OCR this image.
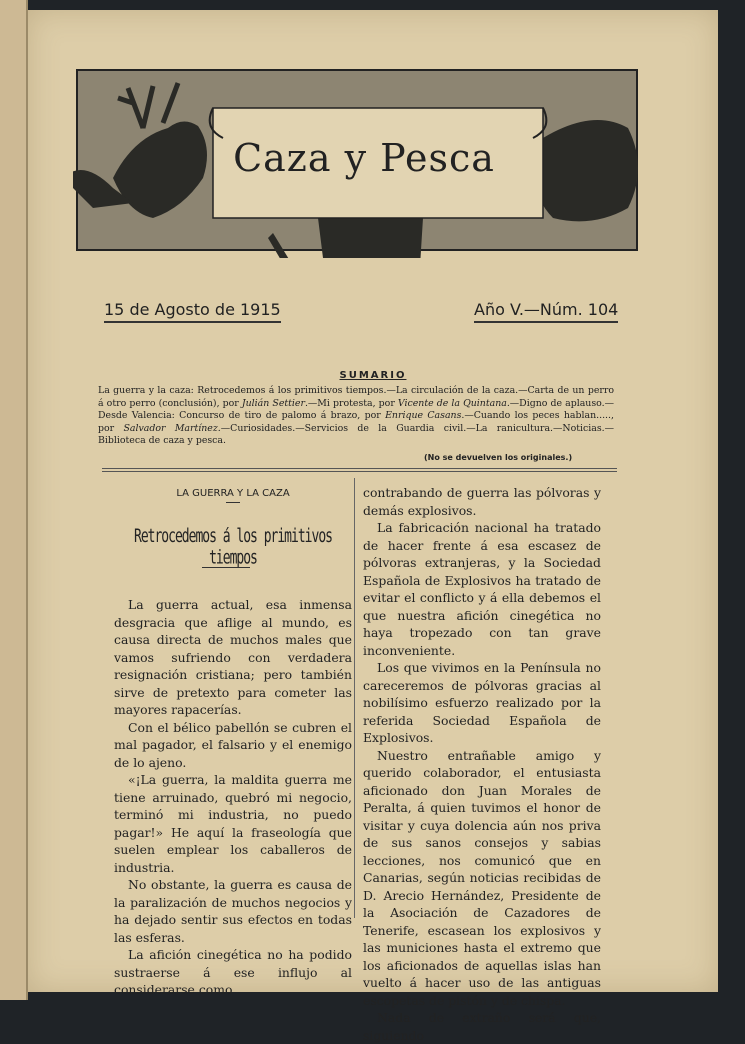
Caza y Pesca
15 de Agosto de 1915	Año V.—Núm. 104
SUMARIO
La guerra y la caza: Retrocedemos á los primitivos tiempos.—La circulación de la caza.—Carta de un perro á otro perro (conclusión), por Julián Settier.—Mi protesta, por Vicente de la Quintana.—Digno de aplauso.—Desde Valencia: Concurso de tiro de palomo á brazo, por Enrique Casans.—Cuando los peces hablan....., por Salvador Martínez.—Curiosidades.—Servicios de la Guardia civil.—La ranicultura.—Noticias.—Biblioteca de caza y pesca.
(No se devuelven los originales.)
LA GUERRA Y LA CAZA
Retrocedemos á los primitivos tiempos

La guerra actual, esa inmensa desgracia que aflige al mundo, es causa directa de muchos males que vamos sufriendo con verdadera resignación cristiana; pero también sirve de pretexto para cometer las mayores rapacerías.

Con el bélico pabellón se cubren el mal pagador, el falsario y el enemigo de lo ajeno.

«¡La guerra, la maldita guerra me tiene arruinado, quebró mi negocio, terminó mi industria, no puedo pagar!» He aquí la fraseología que suelen emplear los caballeros de industria.

No obstante, la guerra es causa de la paralización de muchos negocios y ha dejado sentir sus efectos en todas las esferas.

La afición cinegética no ha podido sustraerse á ese influjo al considerarse como

contrabando de guerra las pólvoras y demás explosivos.

La fabricación nacional ha tratado de hacer frente á esa escasez de pólvoras extranjeras, y la Sociedad Española de Explosivos ha tratado de evitar el conflicto y á ella debemos el que nuestra afición cinegética no haya tropezado con tan grave inconveniente.

Los que vivimos en la Península no careceremos de pólvoras gracias al nobilísimo esfuerzo realizado por la referida Sociedad Española de Explosivos.

Nuestro entrañable amigo y querido colaborador, el entusiasta aficionado don Juan Morales de Peralta, á quien tuvimos el honor de visitar y cuya dolencia aún nos priva de sus sanos consejos y sabias lecciones, nos comunicó que en Canarias, según noticias recibidas de D. Arecio Hernández, Presidente de la Asociación de Cazadores de Tenerife, escasean los explosivos y las municiones hasta el extremo que los aficionados de aquellas islas han vuelto á hacer uso de las antiguas escopetas de pistón y de chispa.

Nada de extraño será que, siguiendo
